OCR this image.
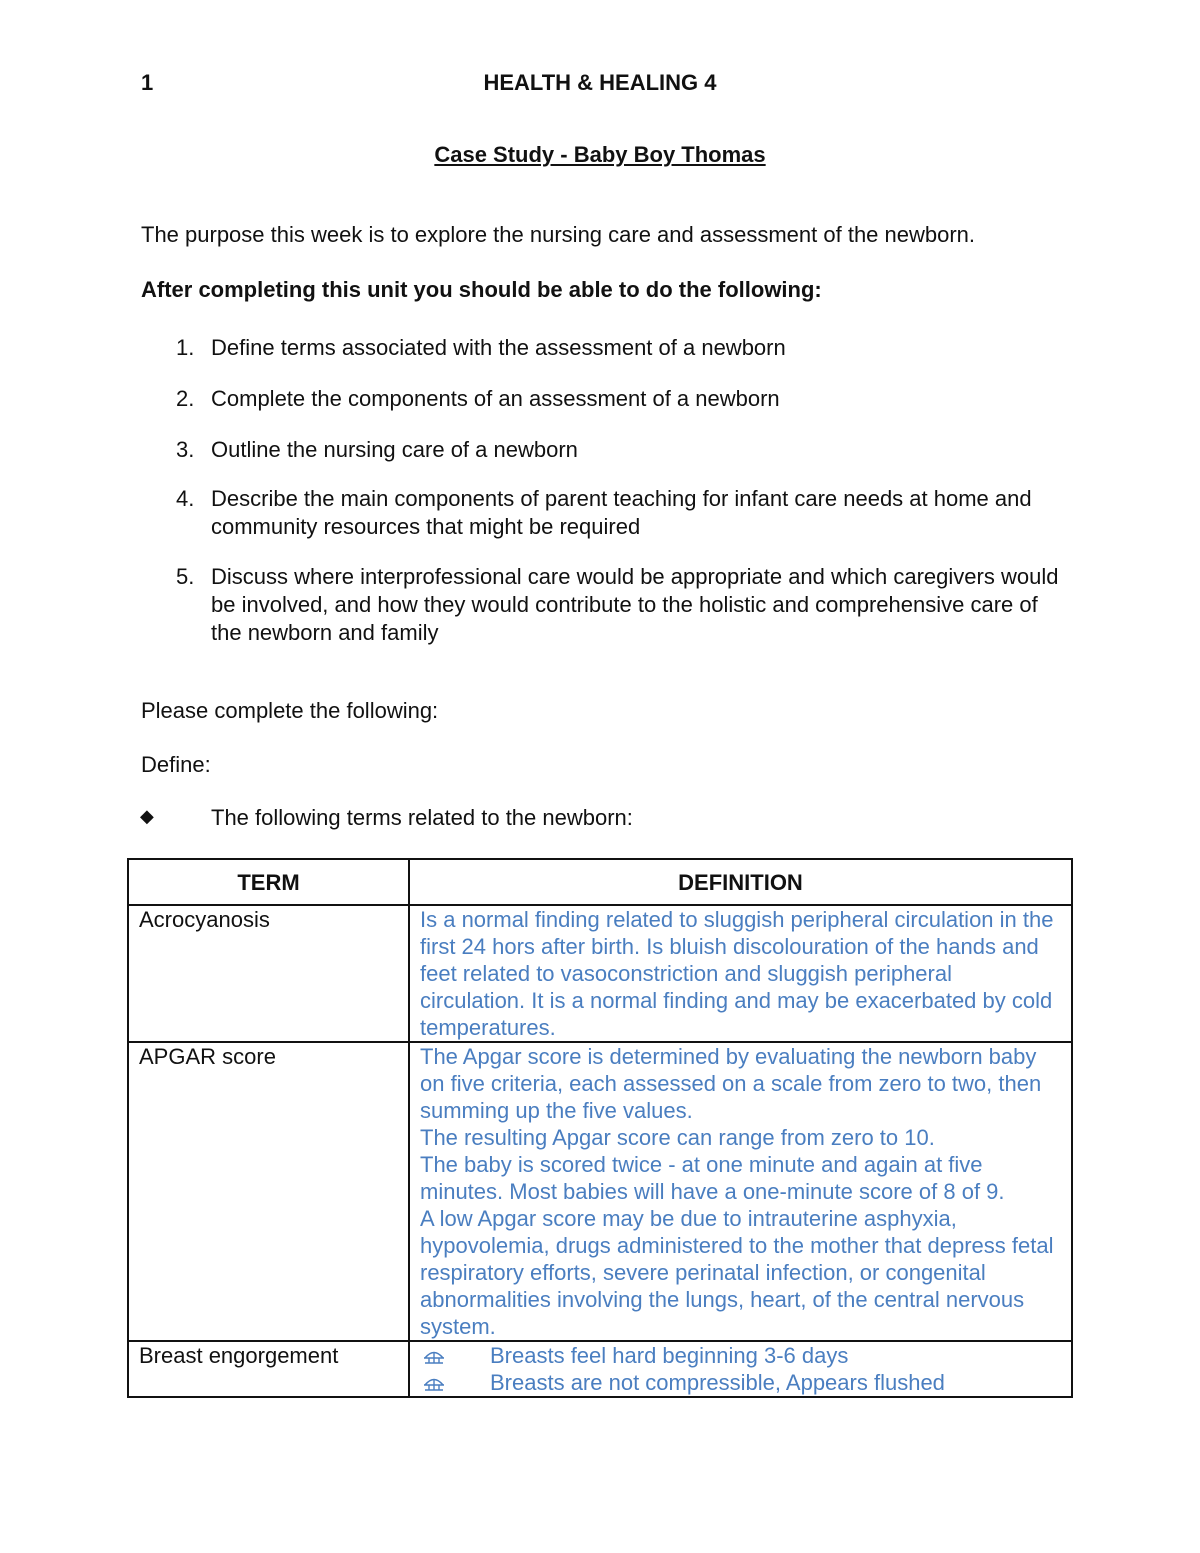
1	HEALTH & HEALING 4
Case Study - Baby Boy Thomas
The purpose this week is to explore the nursing care and assessment of the newborn.
After completing this unit you should be able to do the following:
1. Define terms associated with the assessment of a newborn
2. Complete the components of an assessment of a newborn
3. Outline the nursing care of a newborn
4. Describe the main components of parent teaching for infant care needs at home and community resources that might be required
5. Discuss where interprofessional care would be appropriate and which caregivers would be involved, and how they would contribute to the holistic and comprehensive care of the newborn and family
Please complete the following:
Define:
◆	The following terms related to the newborn:
TERM	DEFINITION
Acrocyanosis	Is a normal finding related to sluggish peripheral circulation in the first 24 hors after birth. Is bluish discolouration of the hands and feet related to vasoconstriction and sluggish peripheral circulation. It is a normal finding and may be exacerbated by cold temperatures.

APGAR score	The Apgar score is determined by evaluating the newborn baby on five criteria, each assessed on a scale from zero to two, then summing up the five values.
The resulting Apgar score can range from zero to 10.
The baby is scored twice - at one minute and again at five minutes. Most babies will have a one-minute score of 8 of 9.
A low Apgar score may be due to intrauterine asphyxia, hypovolemia, drugs administered to the mother that depress fetal respiratory efforts, severe perinatal infection, or congenital abnormalities involving the lungs, heart, of the central nervous system.

Breast engorgement	Breasts feel hard beginning 3-6 days
Breasts are not compressible, Appears flushed
